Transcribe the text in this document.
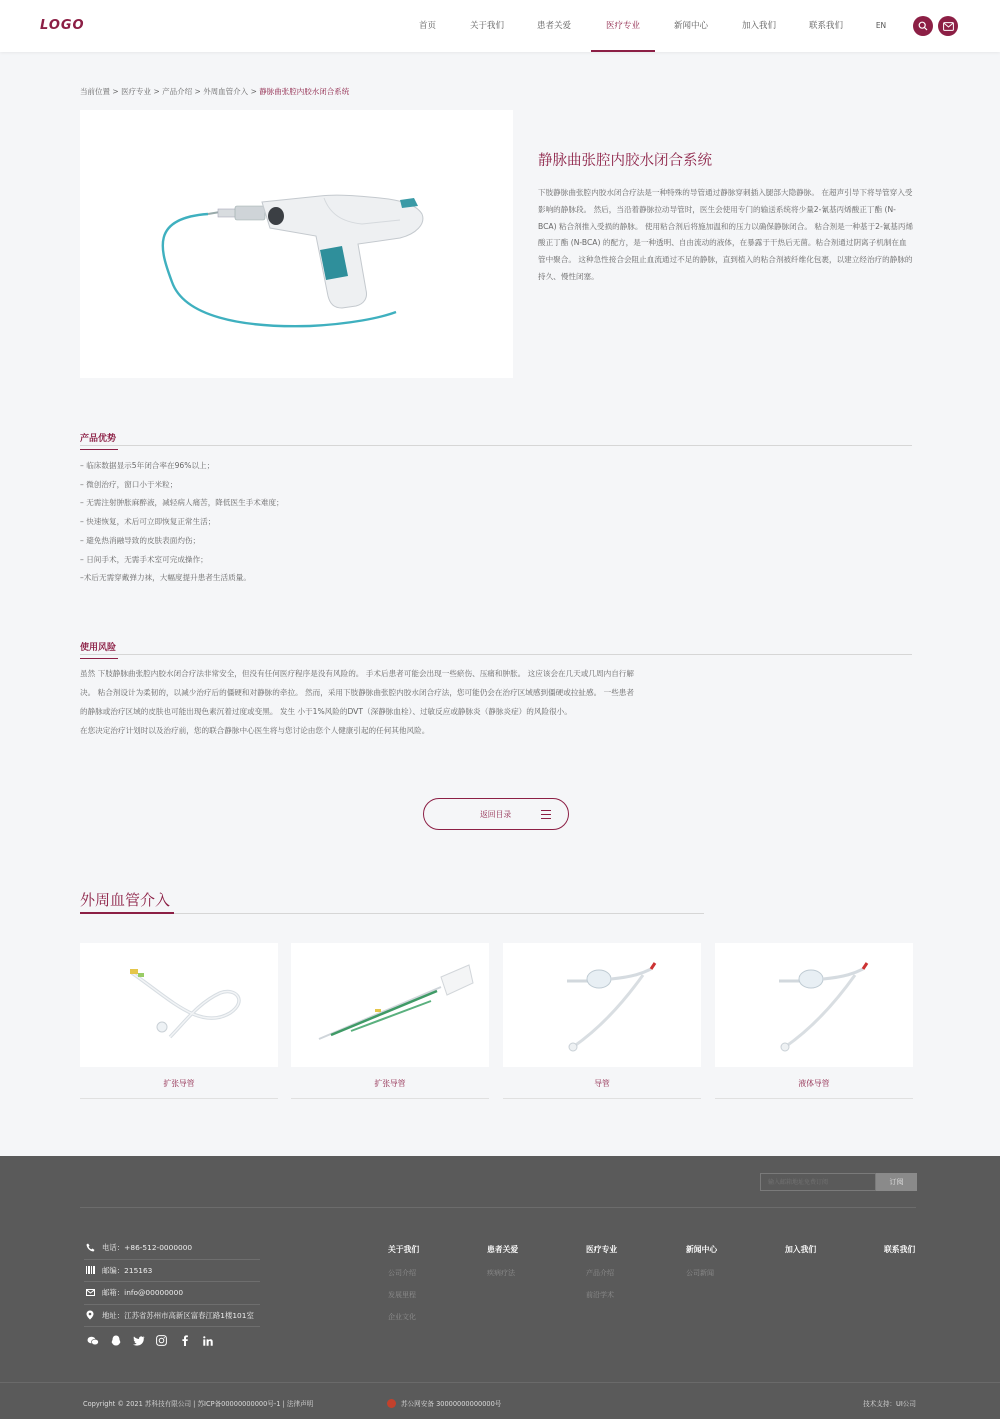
LOGO	首页	关于我们	患者关爱	医疗专业	新闻中心	加入我们	联系我们	EN
当前位置 > 医疗专业 > 产品介绍 > 外周血管介入 > 静脉曲张腔内胶水闭合系统
静脉曲张腔内胶水闭合系统
下肢静脉曲张腔内胶水闭合疗法是一种特殊的导管通过静脉穿刺插入腿部大隐静脉。 在超声引导下将导管穿入受影响的静脉段。 然后，当沿着静脉拉动导管时，医生会使用专门的输送系统将少量2-氰基丙烯酸正丁酯 (N-BCA) 粘合剂推入受损的静脉。 使用粘合剂后将施加温和的压力以确保静脉闭合。 粘合剂是一种基于2-氰基丙烯酸正丁酯 (N-BCA) 的配方，是一种透明、自由流动的液体，在暴露于干热后无菌。粘合剂通过阴离子机制在血管中聚合。 这种急性接合会阻止血流通过不足的静脉，直到植入的粘合剂被纤维化包裹，以建立经治疗的静脉的持久、慢性闭塞。
产品优势
– 临床数据显示5年闭合率在96%以上；
– 微创治疗，窗口小于米粒；
– 无需注射肿胀麻醉液，减轻病人痛苦，降低医生手术难度；
– 快速恢复，术后可立即恢复正常生活；
– 避免热消融导致的皮肤表面灼伤；
– 日间手术，无需手术室可完成操作；
–术后无需穿戴弹力袜，大幅度提升患者生活质量。
使用风险
虽然 下肢静脉曲张腔内胶水闭合疗法非常安全，但没有任何医疗程序是没有风险的。 手术后患者可能会出现一些瘀伤、压痛和肿胀。 这应该会在几天或几周内自行解
决。 粘合剂设计为柔韧的，以减少治疗后的僵硬和对静脉的牵拉。 然而，采用下肢静脉曲张腔内胶水闭合疗法，您可能仍会在治疗区域感到僵硬或拉扯感。 一些患者
的静脉或治疗区域的皮肤也可能出现色素沉着过度或变黑。 发生 小于1%风险的DVT（深静脉血栓）、过敏反应或静脉炎（静脉炎症）的风险很小。
在您决定治疗计划时以及治疗前，您的联合静脉中心医生将与您讨论由您个人健康引起的任何其他风险。
返回目录
外周血管介入
扩张导管	扩张导管	导管	液体导管
输入邮箱地址免费订阅
订阅
电话：+86-512-0000000
邮编：215163
邮箱：info@00000000
地址：江苏省苏州市高新区富春江路1楼101室
关于我们
公司介绍
发展里程
企业文化
患者关爱
疾病疗法
医疗专业
产品介绍
前沿学术
新闻中心
公司新闻
加入我们	联系我们
Copyright © 2021 苏科技有限公司 | 苏ICP备00000000000号-1 | 法律声明	苏公网安备 30000000000000号	技术支持：UI公司
